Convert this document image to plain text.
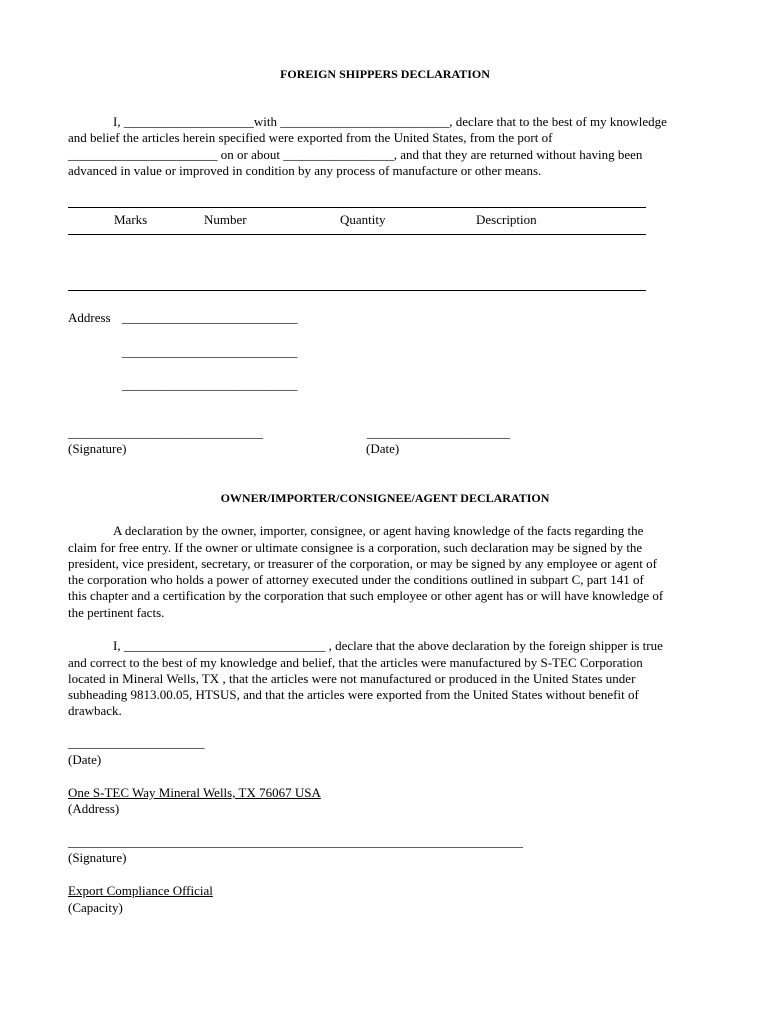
FOREIGN SHIPPERS DECLARATION
I, ____________________with __________________________, declare that to the best of my knowledge
and belief the articles herein specified were exported from the United States, from the port of
_______________________ on or about _________________, and that they are returned without having been
advanced in value or improved in condition by any process of manufacture or other means.
Marks	Number	Quantity	Description
Address ___________________________
___________________________
___________________________
______________________________
(Signature)
______________________
(Date)
OWNER/IMPORTER/CONSIGNEE/AGENT DECLARATION
A declaration by the owner, importer, consignee, or agent having knowledge of the facts regarding the
claim for free entry. If the owner or ultimate consignee is a corporation, such declaration may be signed by the
president, vice president, secretary, or treasurer of the corporation, or may be signed by any employee or agent of
the corporation who holds a power of attorney executed under the conditions outlined in subpart C, part 141 of
this chapter and a certification by the corporation that such employee or other agent has or will have knowledge of
the pertinent facts.
I, _______________________________ , declare that the above declaration by the foreign shipper is true
and correct to the best of my knowledge and belief, that the articles were manufactured by S-TEC Corporation
located in Mineral Wells, TX , that the articles were not manufactured or produced in the United States under
subheading 9813.00.05, HTSUS, and that the articles were exported from the United States without benefit of
drawback.
_____________________
(Date)
One S-TEC Way Mineral Wells, TX 76067 USA
(Address)
______________________________________________________________________
(Signature)
Export Compliance Official
(Capacity)
